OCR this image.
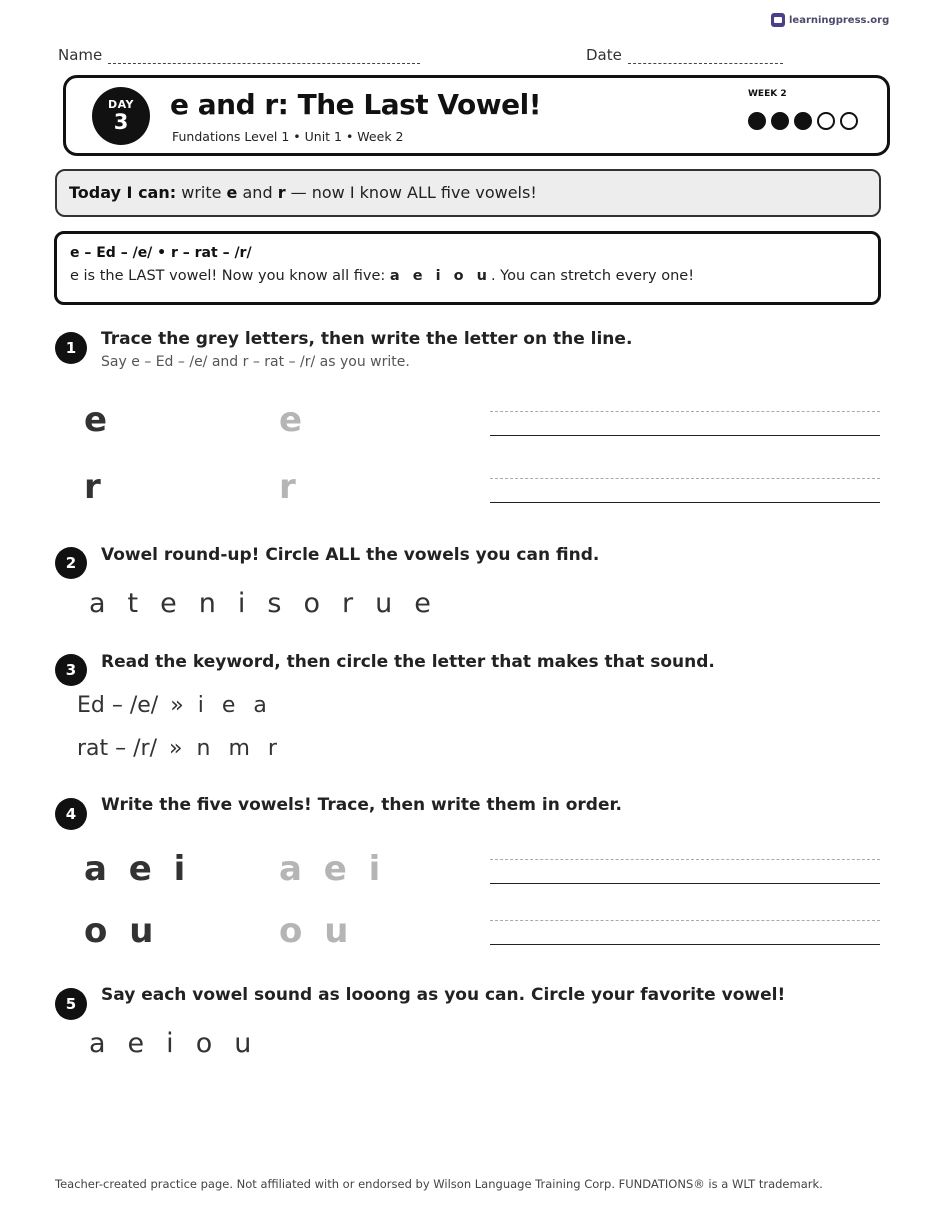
learningpress.org
Name	Date
DAY
3
e and r: The Last Vowel!
Fundations Level 1 • Unit 1 • Week 2
WEEK 2
Today I can: write e and r — now I know ALL five vowels!
e – Ed – /e/ • r – rat – /r/
e is the LAST vowel! Now you know all five: a e i o u. You can stretch every one!
1	Trace the grey letters, then write the letter on the line.
Say e – Ed – /e/ and r – rat – /r/ as you write.
e	e
r	r
2	Vowel round-up! Circle ALL the vowels you can find.
a t e n i s o r u e
3	Read the keyword, then circle the letter that makes that sound.
Ed – /e/ » i e a
rat – /r/ » n m r
4	Write the five vowels! Trace, then write them in order.
a e i	a e i
o u	o u
5	Say each vowel sound as looong as you can. Circle your favorite vowel!
a e i o u
Teacher-created practice page. Not affiliated with or endorsed by Wilson Language Training Corp. FUNDATIONS® is a WLT trademark.
